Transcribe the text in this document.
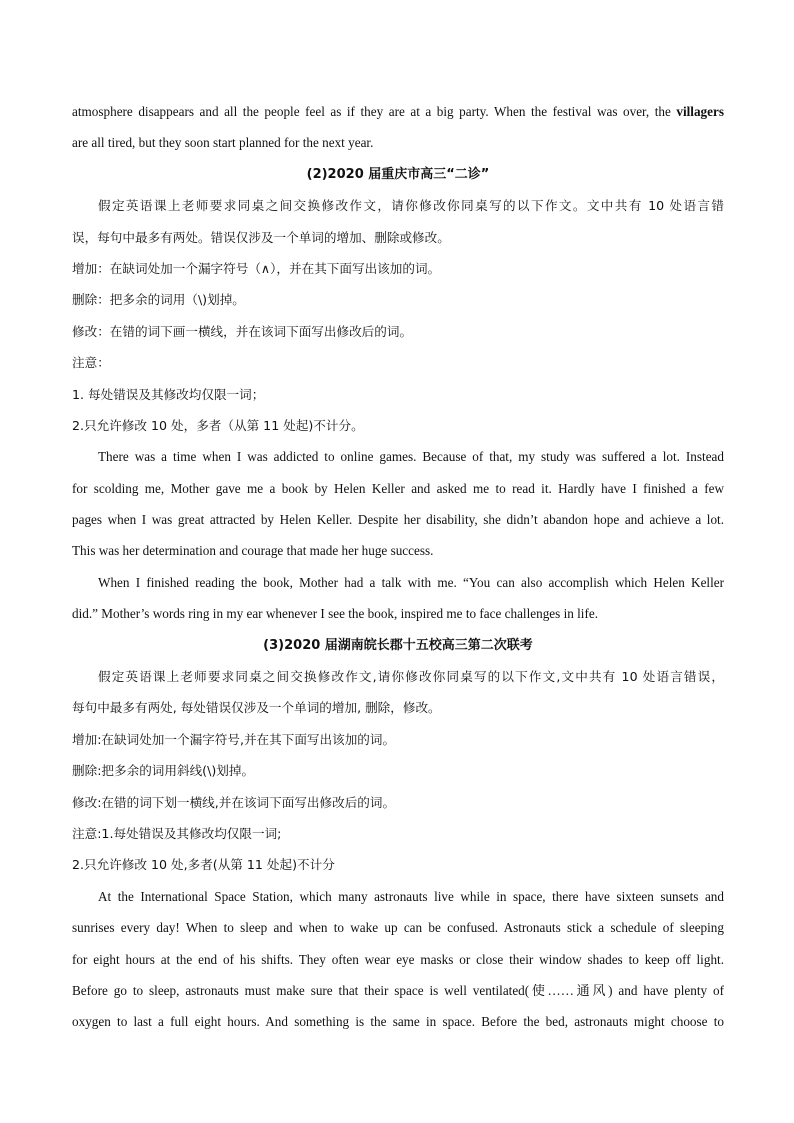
atmosphere disappears and all the people feel as if they are at a big party. When the festival was over, the villagers
are all tired, but they soon start planned for the next year.
(2)2020 届重庆市高三“二诊”
假定英语课上老师要求同桌之间交换修改作文，请你修改你同桌写的以下作文。文中共有 10 处语言错
误，每句中最多有两处。错误仅涉及一个单词的增加、删除或修改。
增加：在缺词处加一个漏字符号（∧），并在其下面写出该加的词。
删除：把多余的词用（\)划掉。
修改：在错的词下画一横线，并在该词下面写出修改后的词。
注意：
1. 每处错误及其修改均仅限一词；
2.只允许修改 10 处，多者（从第 11 处起)不计分。
There was a time when I was addicted to online games. Because of that, my study was suffered a lot. Instead
for scolding me, Mother gave me a book by Helen Keller and asked me to read it. Hardly have I finished a few
pages when I was great attracted by Helen Keller. Despite her disability, she didn’t abandon hope and achieve a lot.
This was her determination and courage that made her huge success.
When I finished reading the book, Mother had a talk with me. “You can also accomplish which Helen Keller
did.” Mother’s words ring in my ear whenever I see the book, inspired me to face challenges in life.
(3)2020 届湖南皖长郡十五校高三第二次联考
假定英语课上老师要求同桌之间交换修改作文,请你修改你同桌写的以下作文,文中共有 10 处语言错误，
每句中最多有两处, 每处错误仅涉及一个单词的增加, 删除，修改。
增加:在缺词处加一个漏字符号,并在其下面写出该加的词。
删除:把多余的词用斜线(\)划掉。
修改:在错的词下划一横线,并在该词下面写出修改后的词。
注意:1.每处错误及其修改均仅限一词;
2.只允许修改 10 处,多者(从第 11 处起)不计分
At the International Space Station, which many astronauts live while in space, there have sixteen sunsets and
sunrises every day! When to sleep and when to wake up can be confused. Astronauts stick a schedule of sleeping
for eight hours at the end of his shifts. They often wear eye masks or close their window shades to keep off light.
Before go to sleep, astronauts must make sure that their space is well ventilated(使……通风) and have plenty of
oxygen to last a full eight hours. And something is the same in space. Before the bed, astronauts might choose to
